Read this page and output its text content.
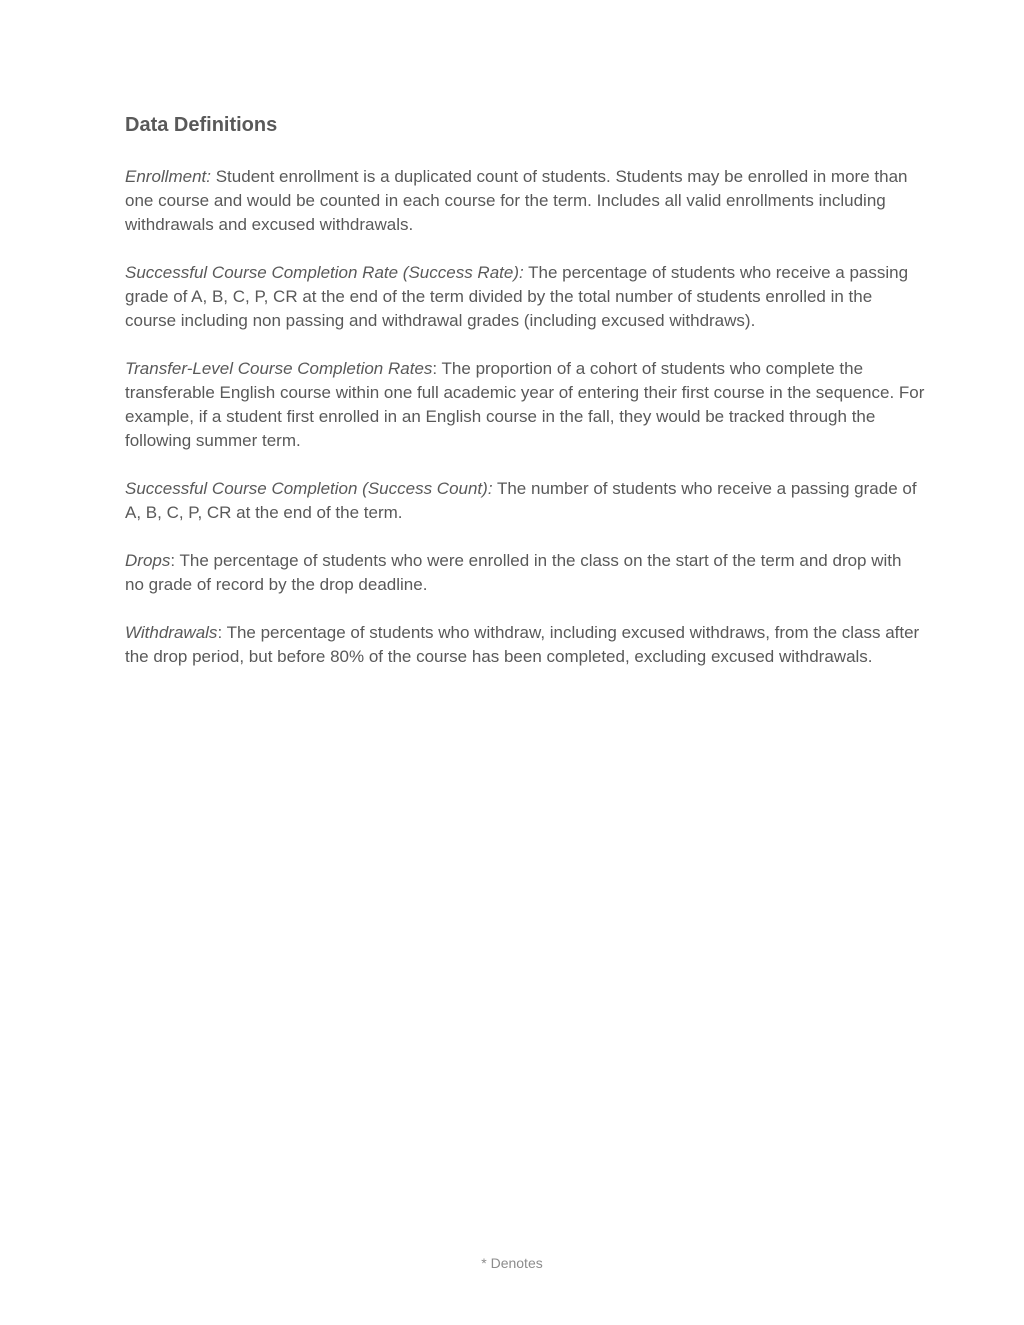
Data Definitions

Enrollment: Student enrollment is a duplicated count of students. Students may be enrolled in more than one course and would be counted in each course for the term. Includes all valid enrollments including withdrawals and excused withdrawals.

Successful Course Completion Rate (Success Rate): The percentage of students who receive a passing grade of A, B, C, P, CR at the end of the term divided by the total number of students enrolled in the course including non passing and withdrawal grades (including excused withdraws).

Transfer-Level Course Completion Rates: The proportion of a cohort of students who complete the transferable English course within one full academic year of entering their first course in the sequence. For example, if a student first enrolled in an English course in the fall, they would be tracked through the following summer term.

Successful Course Completion (Success Count): The number of students who receive a passing grade of A, B, C, P, CR at the end of the term.

Drops: The percentage of students who were enrolled in the class on the start of the term and drop with no grade of record by the drop deadline.

Withdrawals: The percentage of students who withdraw, including excused withdraws, from the class after the drop period, but before 80% of the course has been completed, excluding excused withdrawals.

* Denotes
